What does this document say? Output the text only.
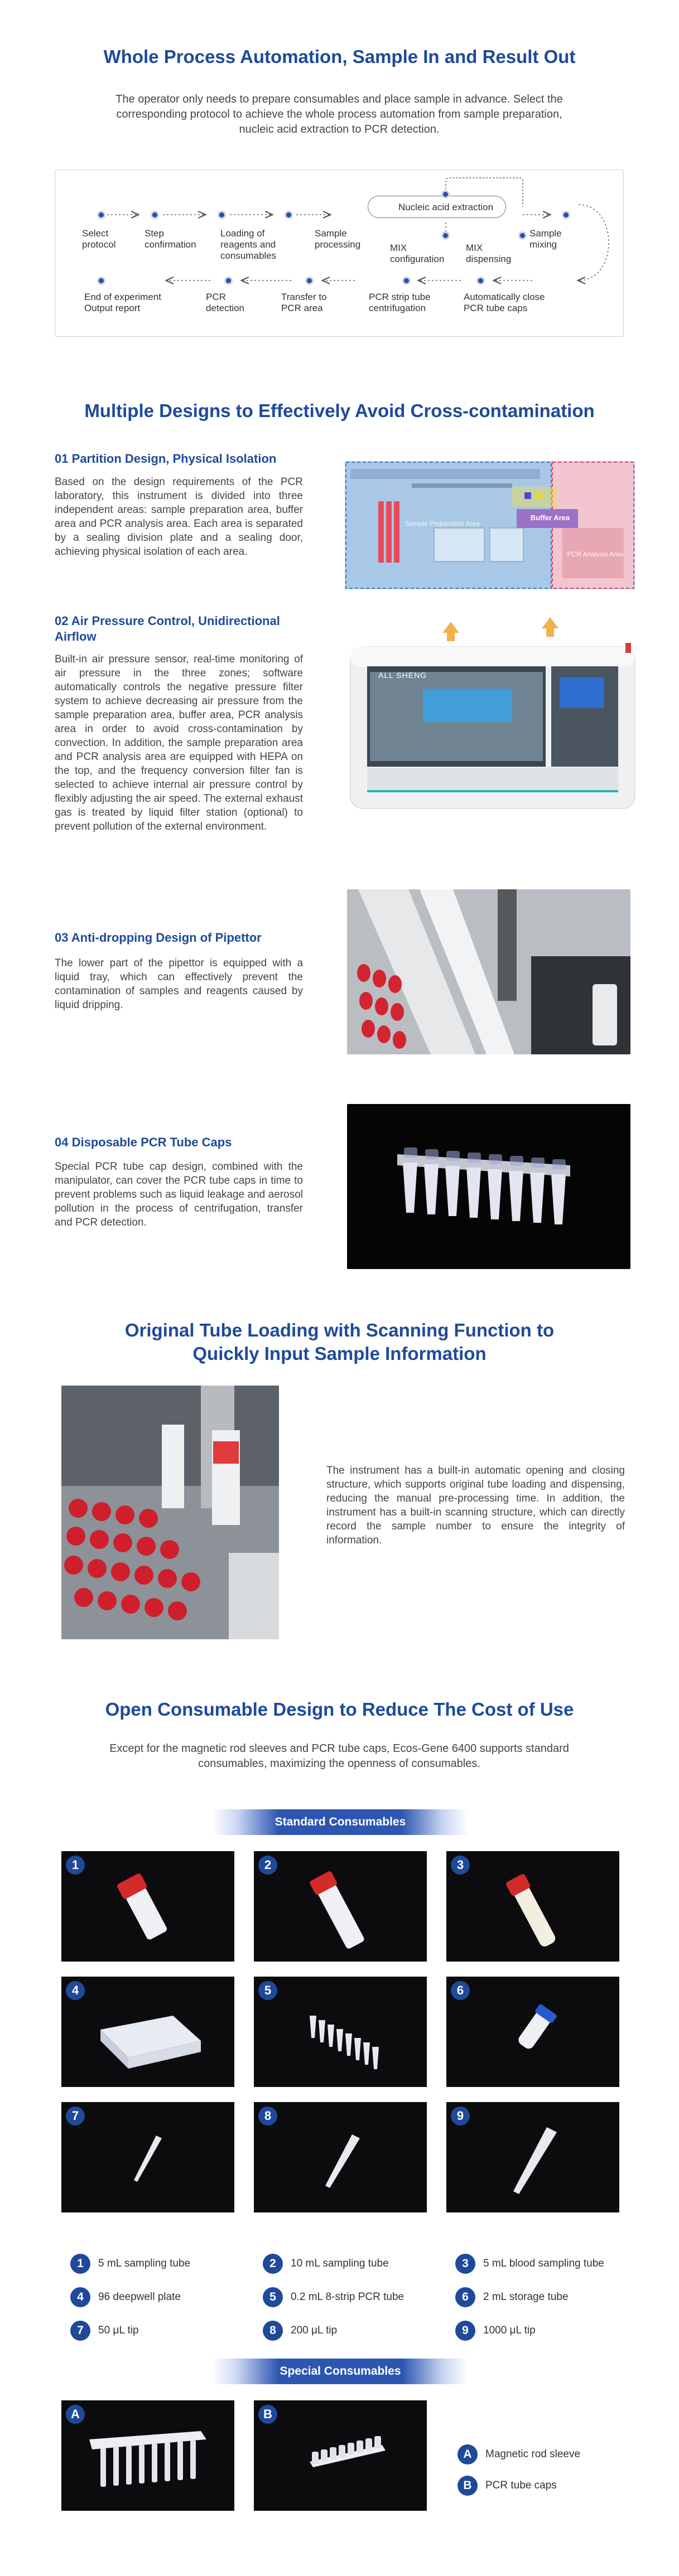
Whole Process Automation, Sample In and Result Out
The operator only needs to prepare consumables and place sample in advance. Select the corresponding protocol to achieve the whole process automation from sample preparation, nucleic acid extraction to PCR detection.
Select protocol
Step confirmation
Loading of reagents and consumables
Sample processing
Nucleic acid extraction
MIX configuration
MIX dispensing
Sample mixing
End of experiment
Output report
PCR detection
Transfer to PCR area
PCR strip tube centrifugation
Automatically close PCR tube caps
Multiple Designs to Effectively Avoid Cross-contamination
01 Partition Design, Physical Isolation
Based on the design requirements of the PCR laboratory, this instrument is divided into three independent areas: sample preparation area, buffer area and PCR analysis area. Each area is separated by a sealing division plate and a sealing door, achieving physical isolation of each area.
Buffer Area
Sample Preparation Area
PCR Analysis Area
02 Air Pressure Control, Unidirectional Airflow
Built-in air pressure sensor, real-time monitoring of air pressure in the three zones; software automatically controls the negative pressure filter system to achieve decreasing air pressure from the sample preparation area, buffer area, PCR analysis area in order to avoid cross-contamination by convection. In addition, the sample preparation area and PCR analysis area are equipped with HEPA on the top, and the frequency conversion filter fan is selected to achieve internal air pressure control by flexibly adjusting the air speed. The external exhaust gas is treated by liquid filter station (optional) to prevent pollution of the external environment.
ALL SHENG
03 Anti-dropping Design of Pipettor
The lower part of the pipettor is equipped with a liquid tray, which can effectively prevent the contamination of samples and reagents caused by liquid dripping.
04 Disposable PCR Tube Caps
Special PCR tube cap design, combined with the manipulator, can cover the PCR tube caps in time to prevent problems such as liquid leakage and aerosol pollution in the process of centrifugation, transfer and PCR detection.
Original Tube Loading with Scanning Function to
Quickly Input Sample Information
The instrument has a built-in automatic opening and closing structure, which supports original tube loading and dispensing, reducing the manual pre-processing time. In addition, the instrument has a built-in scanning structure, which can directly record the sample number to ensure the integrity of information.
Open Consumable Design to Reduce The Cost of Use
Except for the magnetic rod sleeves and PCR tube caps, Ecos-Gene 6400 supports standard consumables, maximizing the openness of consumables.
Standard Consumables
1	2	3
4	5	6
7	8	9
1	5 mL sampling tube	2	10 mL sampling tube	3	5 mL blood sampling tube
4	96 deepwell plate	5	0.2 mL 8-strip PCR tube	6	2 mL storage tube
7	50 μL tip	8	200 μL tip	9	1000 μL tip
Special Consumables
A	B
A	Magnetic rod sleeve
B	PCR tube caps
